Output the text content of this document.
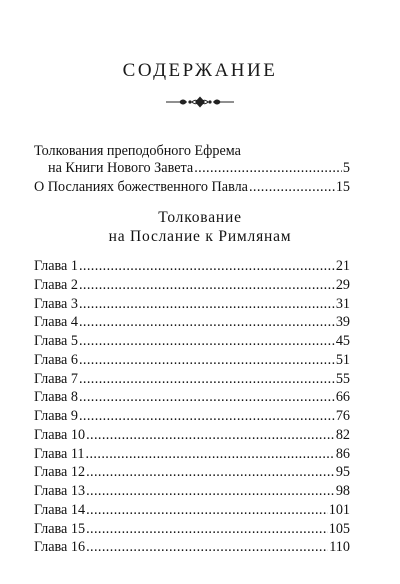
СОДЕРЖАНИЕ
Толкования преподобного Ефрема
на Книги Нового Завета .....	5
О Посланиях божественного Павла .....	15
Толкование
на Послание к Римлянам
Глава 1 .....	21
Глава 2 .....	29
Глава 3 .....	31
Глава 4 .....	39
Глава 5 .....	45
Глава 6 .....	51
Глава 7 .....	55
Глава 8 .....	66
Глава 9 .....	76
Глава 10 .....	82
Глава 11 .....	86
Глава 12 .....	95
Глава 13 .....	98
Глава 14 .....	101
Глава 15 .....	105
Глава 16 .....	110
